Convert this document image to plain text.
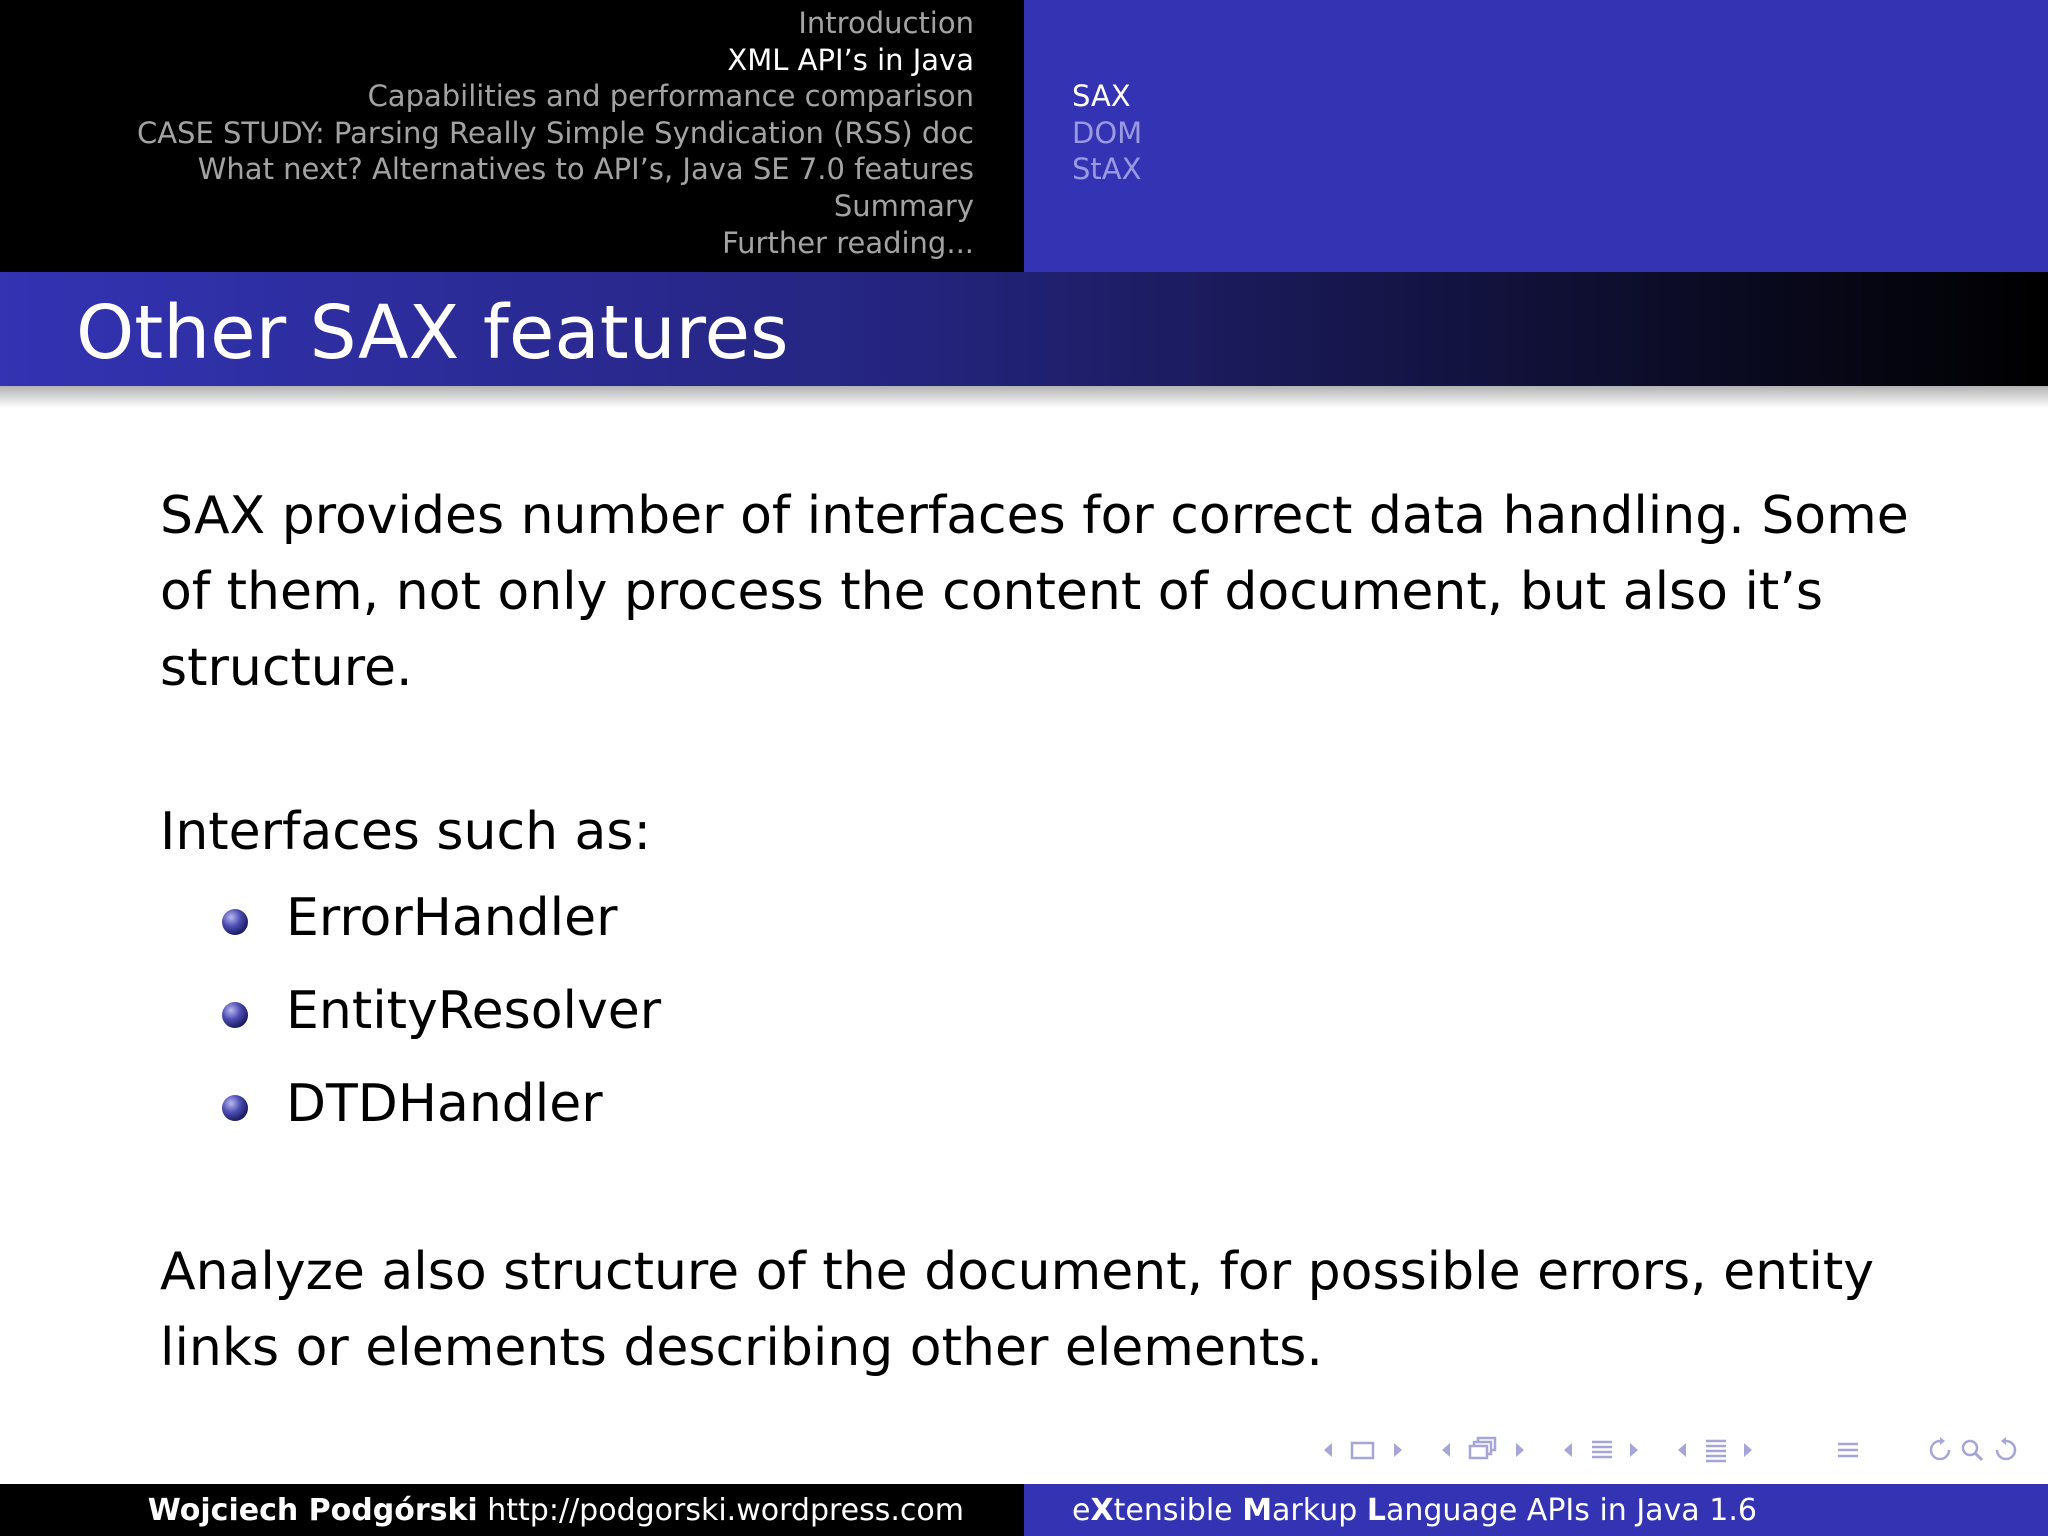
Introduction
XML API’s in Java
Capabilities and performance comparison
CASE STUDY: Parsing Really Simple Syndication (RSS) doc
What next? Alternatives to API’s, Java SE 7.0 features
Summary
Further reading...
SAX
DOM
StAX
Other SAX features

SAX provides number of interfaces for correct data handling. Some

of them, not only process the content of document, but also it’s

structure.

Interfaces such as:

ErrorHandler
EntityResolver
DTDHandler

Analyze also structure of the document, for possible errors, entity

links or elements describing other elements.

Wojciech Podgórski http://podgorski.wordpress.com	eXtensible Markup Language APIs in Java 1.6
